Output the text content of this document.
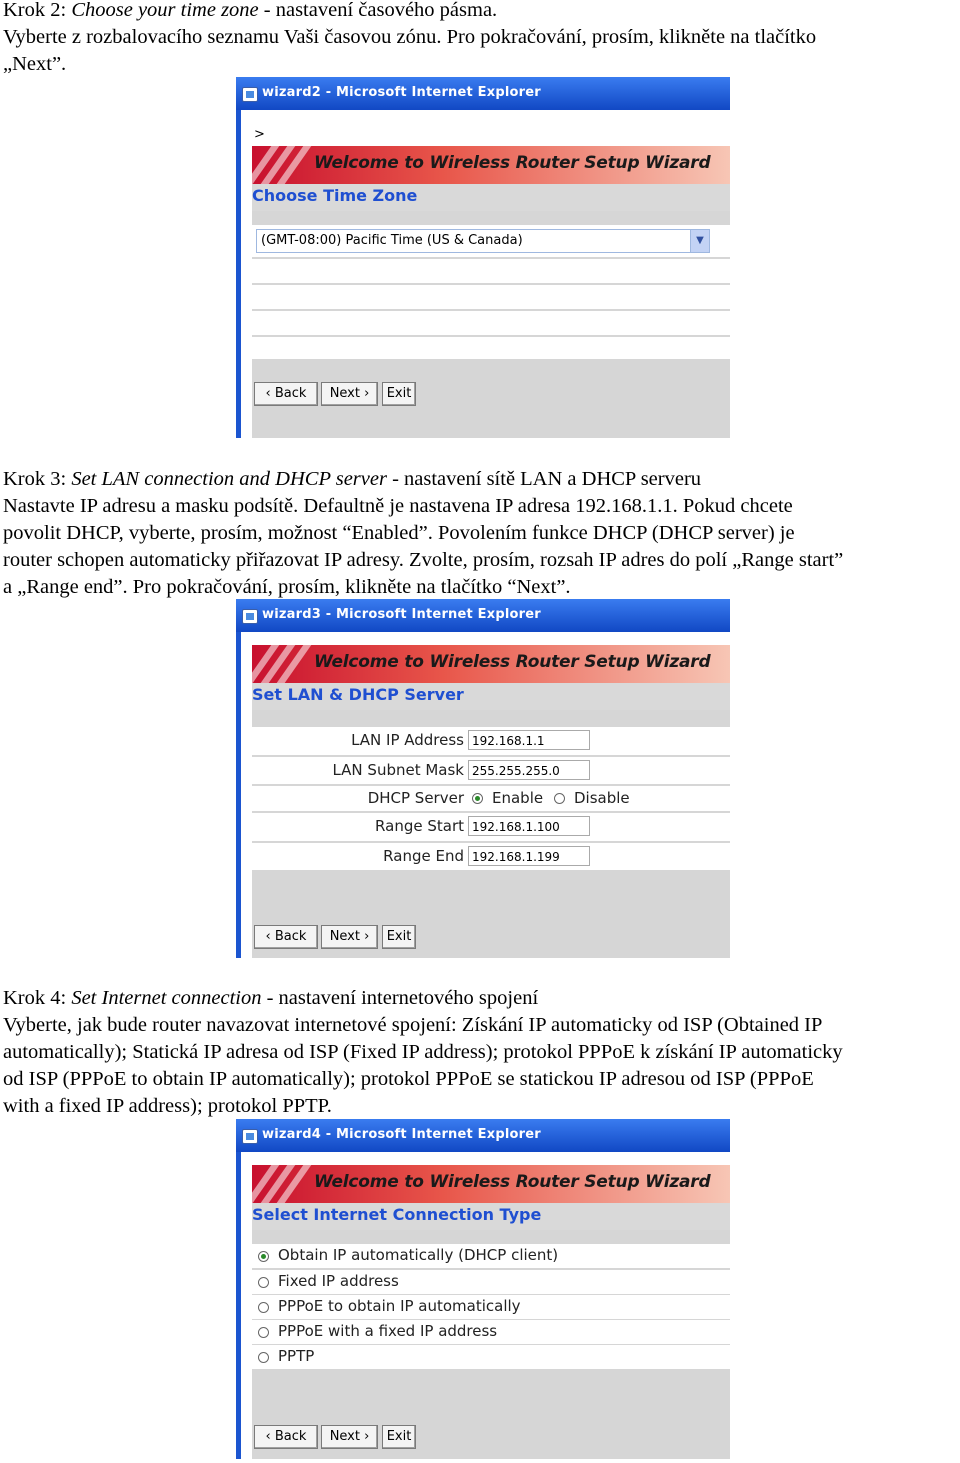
Krok 2: Choose your time zone - nastavení časového pásma.

Vyberte z rozbalovacího seznamu Vaši časovou zónu. Pro pokračování, prosím, klikněte na tlačítko

„Next”.

wizard2 - Microsoft Internet Explorer
>
Welcome to Wireless Router Setup Wizard
Choose Time Zone
(GMT-08:00) Pacific Time (US & Canada)	▼
‹ Back	Next ›	Exit

Krok 3: Set LAN connection and DHCP server - nastavení sítě LAN a DHCP serveru

Nastavte IP adresu a masku podsítě. Defaultně je nastavena IP adresa 192.168.1.1. Pokud chcete

povolit DHCP, vyberte, prosím, možnost “Enabled”. Povolením funkce DHCP (DHCP server) je

router schopen automaticky přiřazovat IP adresy. Zvolte, prosím, rozsah IP adres do polí „Range start”

a „Range end”. Pro pokračování, prosím, klikněte na tlačítko “Next”.

wizard3 - Microsoft Internet Explorer
Welcome to Wireless Router Setup Wizard
Set LAN & DHCP Server
LAN IP Address 192.168.1.1
LAN Subnet Mask 255.255.255.0
DHCP Server Enable Disable
Range Start 192.168.1.100
Range End 192.168.1.199
‹ Back	Next ›	Exit

Krok 4: Set Internet connection - nastavení internetového spojení

Vyberte, jak bude router navazovat internetové spojení: Získání IP automaticky od ISP (Obtained IP

automatically); Statická IP adresa od ISP (Fixed IP address); protokol PPPoE k získání IP automaticky

od ISP (PPPoE to obtain IP automatically); protokol PPPoE se statickou IP adresou od ISP (PPPoE

with a fixed IP address); protokol PPTP.

wizard4 - Microsoft Internet Explorer
Welcome to Wireless Router Setup Wizard
Select Internet Connection Type
Obtain IP automatically (DHCP client)
Fixed IP address
PPPoE to obtain IP automatically
PPPoE with a fixed IP address
PPTP
‹ Back	Next ›	Exit
